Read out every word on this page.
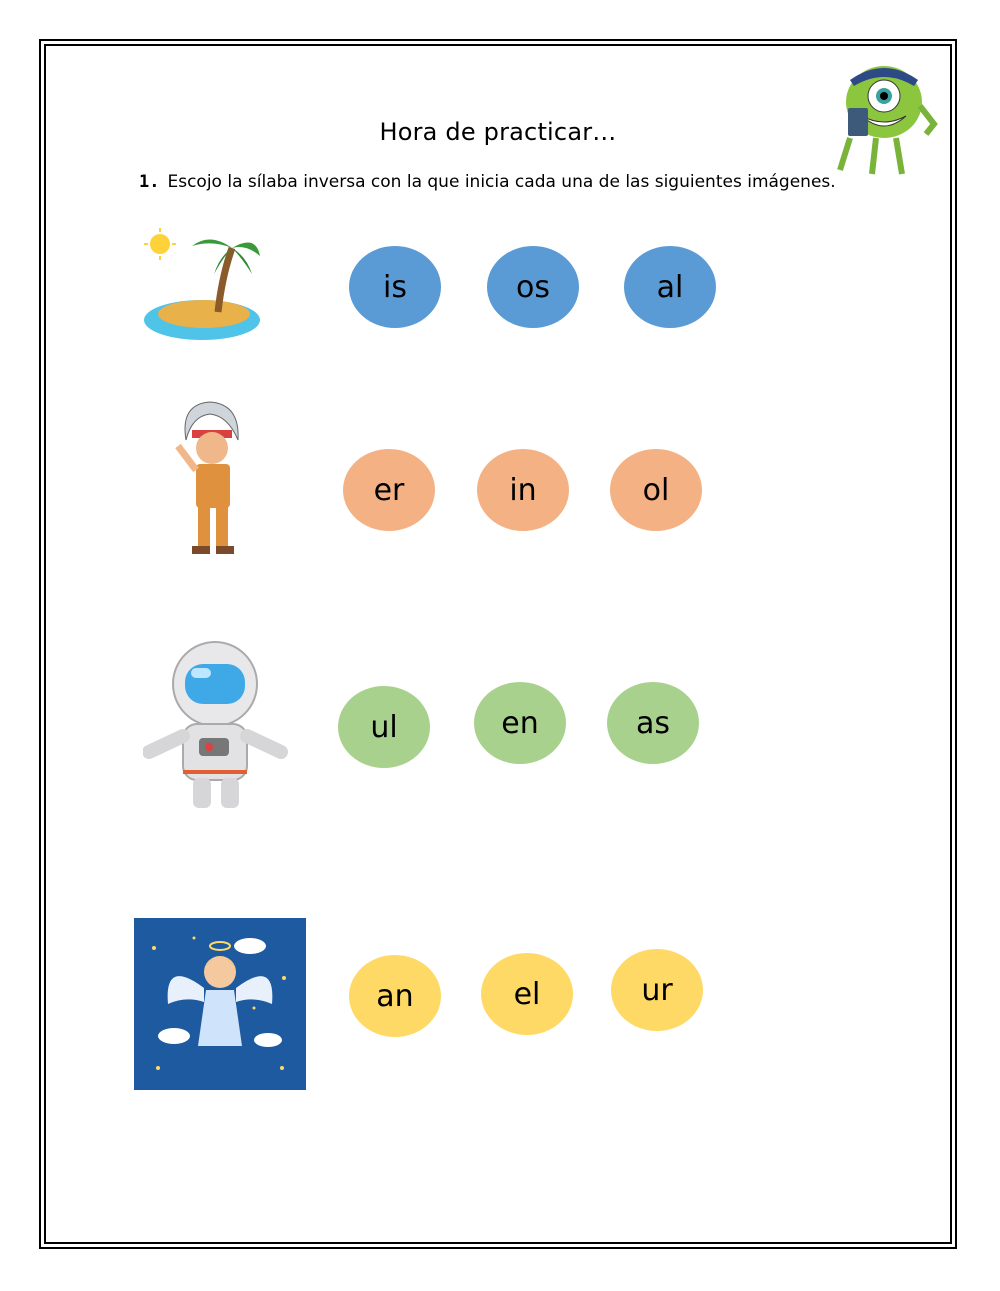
Hora de practicar…
1. Escojo la sílaba inversa con la que inicia cada una de las siguientes imágenes.
is	os	al
er	in	ol
ul	en	as
an	el	ur
